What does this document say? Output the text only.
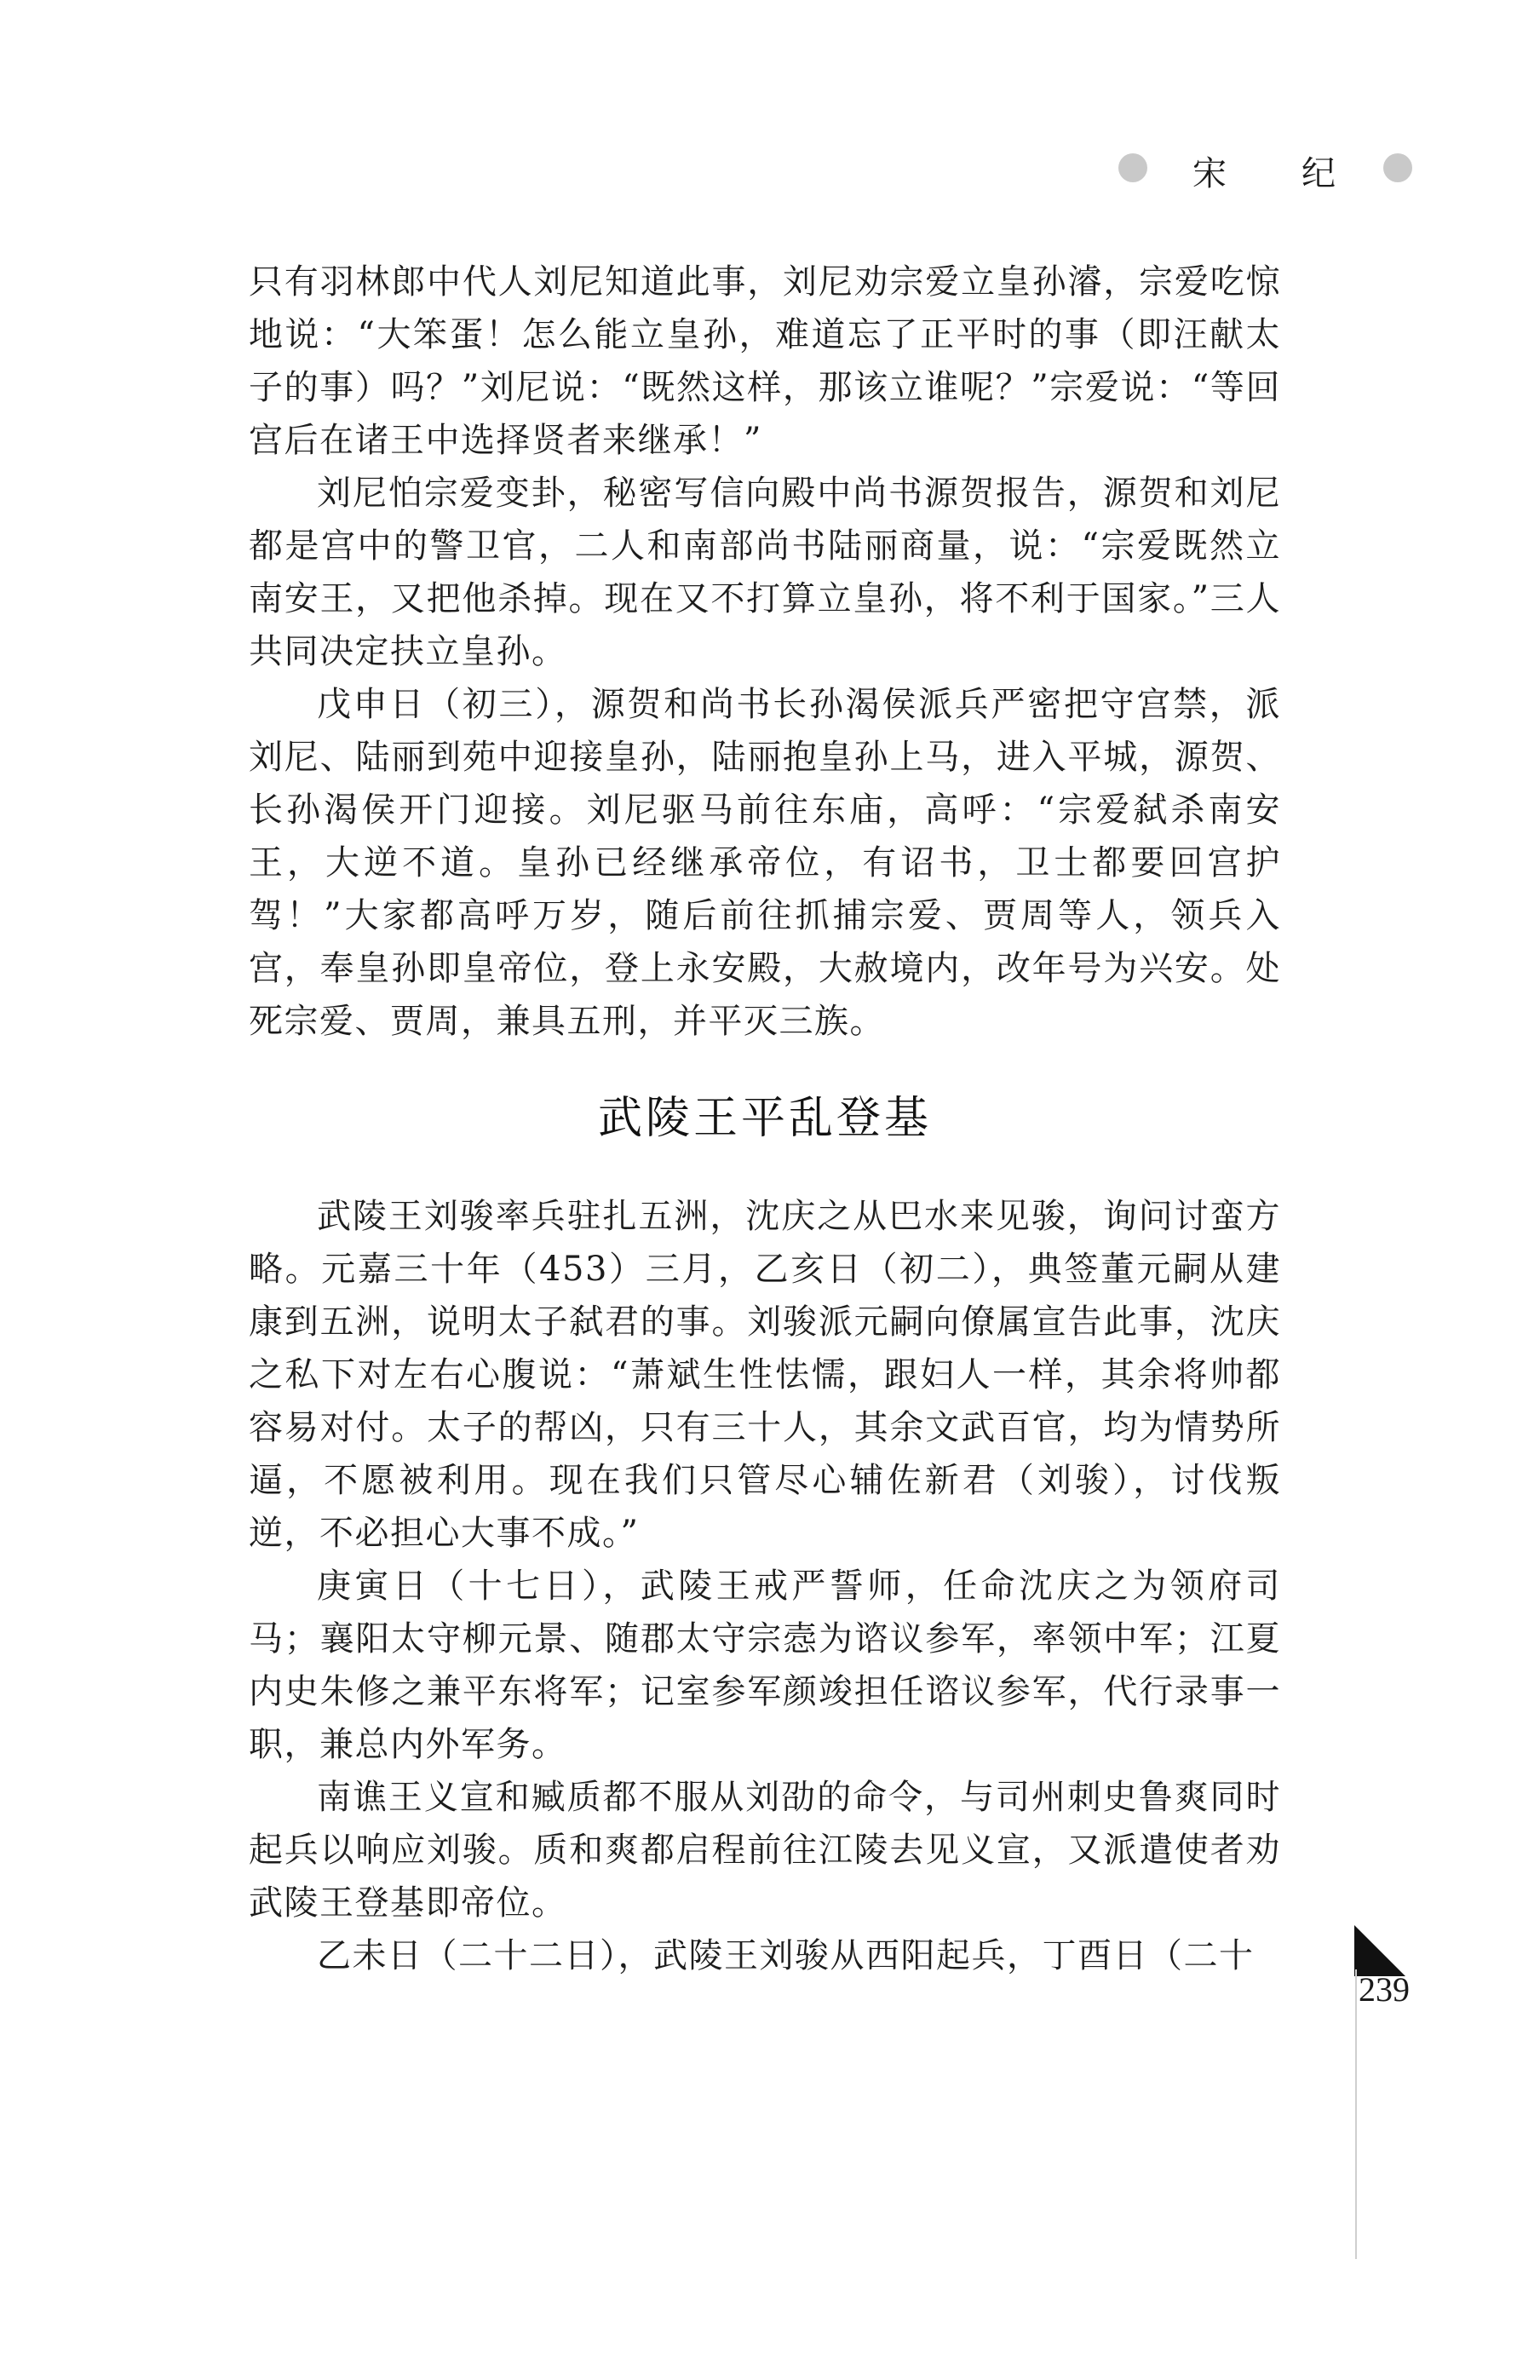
宋 纪

只有羽林郎中代人刘尼知道此事，刘尼劝宗爱立皇孙濬，宗爱吃惊地说：“大笨蛋！怎么能立皇孙，难道忘了正平时的事（即汪献太子的事）吗？”刘尼说：“既然这样，那该立谁呢？”宗爱说：“等回宫后在诸王中选择贤者来继承！”

刘尼怕宗爱变卦，秘密写信向殿中尚书源贺报告，源贺和刘尼都是宫中的警卫官，二人和南部尚书陆丽商量，说：“宗爱既然立南安王，又把他杀掉。现在又不打算立皇孙，将不利于国家。”三人共同决定扶立皇孙。

戊申日（初三），源贺和尚书长孙渴侯派兵严密把守宫禁，派刘尼、陆丽到苑中迎接皇孙，陆丽抱皇孙上马，进入平城，源贺、长孙渴侯开门迎接。刘尼驱马前往东庙，高呼：“宗爱弑杀南安王，大逆不道。皇孙已经继承帝位，有诏书，卫士都要回宫护驾！”大家都高呼万岁，随后前往抓捕宗爱、贾周等人，领兵入宫，奉皇孙即皇帝位，登上永安殿，大赦境内，改年号为兴安。处死宗爱、贾周，兼具五刑，并平灭三族。

武陵王平乱登基

武陵王刘骏率兵驻扎五洲，沈庆之从巴水来见骏，询问讨蛮方略。元嘉三十年（453）三月，乙亥日（初二），典签董元嗣从建康到五洲，说明太子弑君的事。刘骏派元嗣向僚属宣告此事，沈庆之私下对左右心腹说：“萧斌生性怯懦，跟妇人一样，其余将帅都容易对付。太子的帮凶，只有三十人，其余文武百官，均为情势所逼，不愿被利用。现在我们只管尽心辅佐新君（刘骏），讨伐叛逆，不必担心大事不成。”

庚寅日（十七日），武陵王戒严誓师，任命沈庆之为领府司马；襄阳太守柳元景、随郡太守宗悫为谘议参军，率领中军；江夏内史朱修之兼平东将军；记室参军颜竣担任谘议参军，代行录事一职，兼总内外军务。

南谯王义宣和臧质都不服从刘劭的命令，与司州刺史鲁爽同时起兵以响应刘骏。质和爽都启程前往江陵去见义宣，又派遣使者劝武陵王登基即帝位。

乙未日（二十二日），武陵王刘骏从西阳起兵，丁酉日（二十

239
